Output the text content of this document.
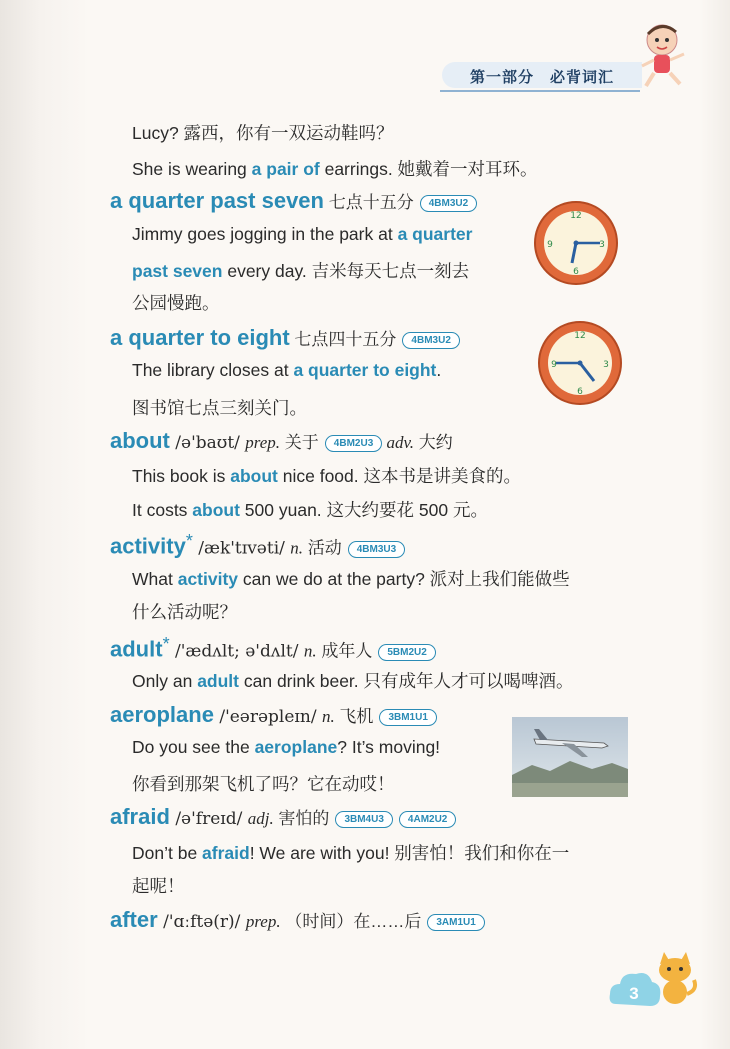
第一部分　必背词汇
Lucy? 露西，你有一双运动鞋吗？
She is wearing a pair of earrings. 她戴着一对耳环。
a quarter past seven 七点十五分 4BM3U2
12
3
6
9
Jimmy goes jogging in the park at a quarter
past seven every day. 吉米每天七点一刻去
公园慢跑。
a quarter to eight 七点四十五分 4BM3U2	12
3
6
9
The library closes at a quarter to eight.
图书馆七点三刻关门。
about /ə'baʊt/ prep. 关于 4BM2U3 adv. 大约
This book is about nice food. 这本书是讲美食的。
It costs about 500 yuan. 这大约要花 500 元。
activity* /æk'tɪvəti/ n. 活动 4BM3U3
What activity can we do at the party? 派对上我们能做些
什么活动呢？
adult* /'ædʌlt; ə'dʌlt/ n. 成年人 5BM2U2
Only an adult can drink beer. 只有成年人才可以喝啤酒。
aeroplane /'eərəpleɪn/ n. 飞机 3BM1U1
Do you see the aeroplane? It’s moving!
你看到那架飞机了吗？它在动哎！
afraid /ə'freɪd/ adj. 害怕的 3BM4U3 4AM2U2
Don’t be afraid! We are with you! 别害怕！我们和你在一
起呢！
after /'ɑːftə(r)/ prep. （时间）在……后 3AM1U1
3
